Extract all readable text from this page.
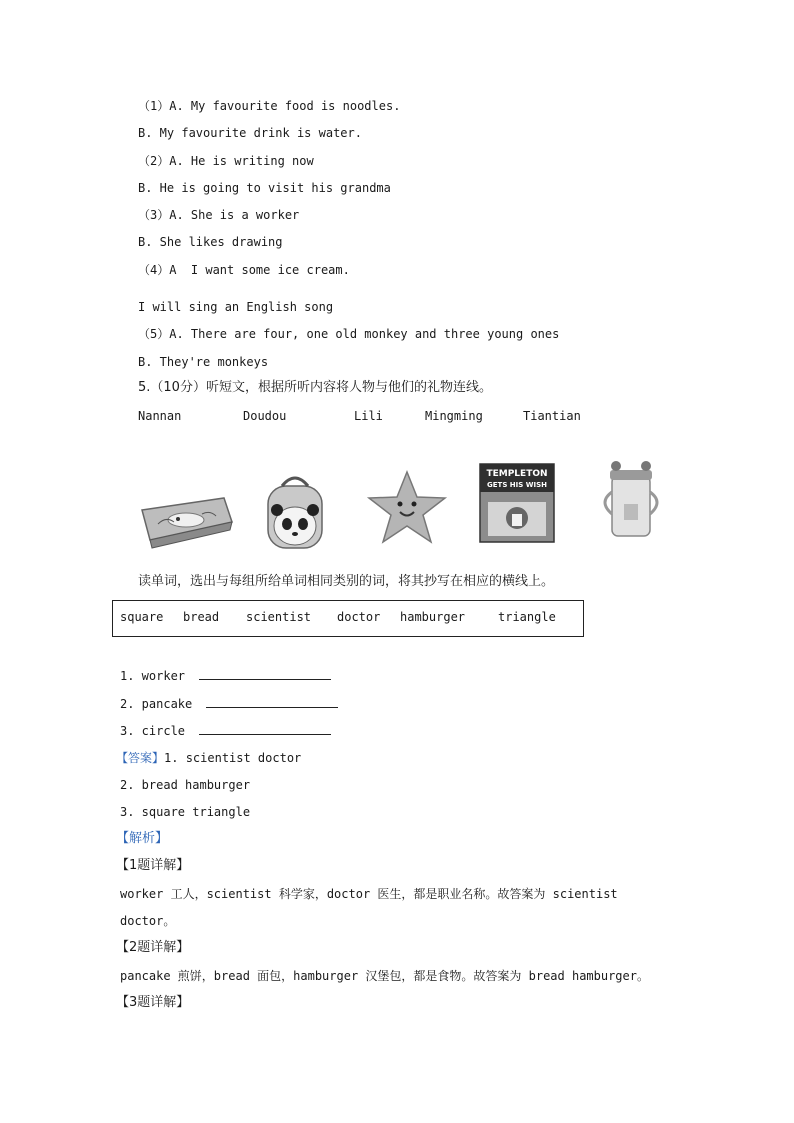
（1）A. My favourite food is noodles.
B. My favourite drink is water.
（2）A. He is writing now
B. He is going to visit his grandma
（3）A. She is a worker
B. She likes drawing
（4）A  I want some ice cream.
I will sing an English song
（5）A. There are four, one old monkey and three young ones
B. They're monkeys
5.（10分）听短文，根据所听内容将人物与他们的礼物连线。
Nannan	Doudou	Lili	Mingming	Tiantian
TEMPLETON
GETS HIS WISH
读单词，选出与每组所给单词相同类别的词，将其抄写在相应的横线上。
square bread scientist doctor hamburger	triangle
1. worker
2. pancake
3. circle
【答案】1. scientist doctor
2. bread hamburger
3. square triangle
【解析】
【1题详解】
worker 工人，scientist 科学家，doctor 医生，都是职业名称。故答案为 scientist
doctor。
【2题详解】
pancake 煎饼，bread 面包，hamburger 汉堡包，都是食物。故答案为 bread hamburger。
【3题详解】
